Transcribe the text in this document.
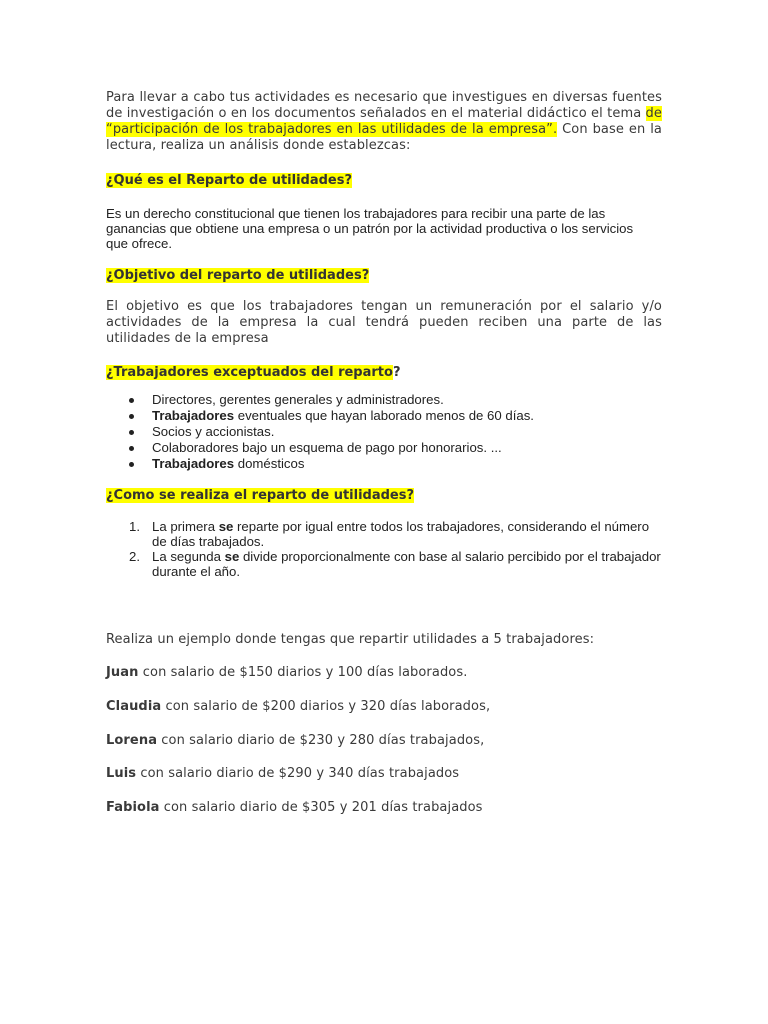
Para llevar a cabo tus actividades es necesario que investigues en diversas fuentes de investigación o en los documentos señalados en el material didáctico el tema de “participación de los trabajadores en las utilidades de la empresa”. Con base en la lectura, realiza un análisis donde establezcas:

¿Qué es el Reparto de utilidades?

Es un derecho constitucional que tienen los trabajadores para recibir una parte de las ganancias que obtiene una empresa o un patrón por la actividad productiva o los servicios que ofrece.

¿Objetivo del reparto de utilidades?

El objetivo es que los trabajadores tengan un remuneración por el salario y/o actividades de la empresa la cual tendrá pueden reciben una parte de las utilidades de la empresa

¿Trabajadores exceptuados del reparto?

Directores, gerentes generales y administradores.
Trabajadores eventuales que hayan laborado menos de 60 días.
Socios y accionistas.
Colaboradores bajo un esquema de pago por honorarios. ...
Trabajadores domésticos

¿Como se realiza el reparto de utilidades?

1. La primera se reparte por igual entre todos los trabajadores, considerando el número de días trabajados.
2. La segunda se divide proporcionalmente con base al salario percibido por el trabajador durante el año.

Realiza un ejemplo donde tengas que repartir utilidades a 5 trabajadores:

Juan con salario de $150 diarios y 100 días laborados.

Claudia con salario de $200 diarios y 320 días laborados,

Lorena con salario diario de $230 y 280 días trabajados,

Luis con salario diario de $290 y 340 días trabajados

Fabiola con salario diario de $305 y 201 días trabajados
